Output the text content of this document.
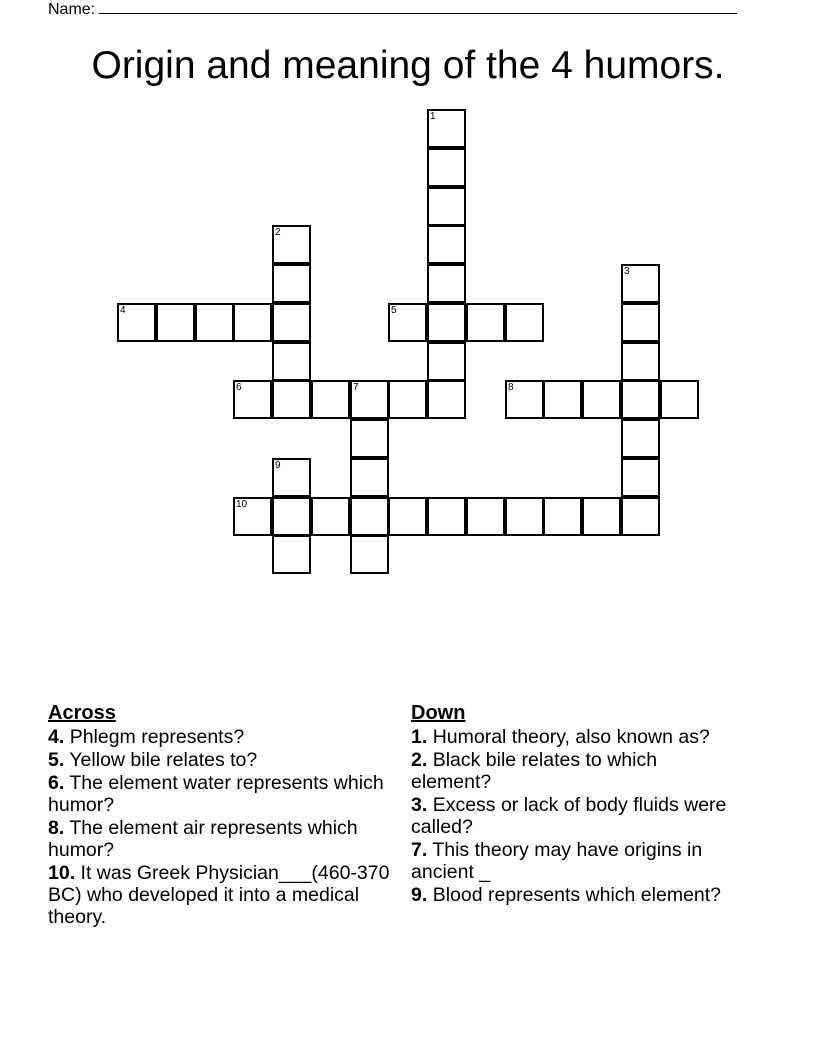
Name:
Origin and meaning of the 4 humors.
1
2
3
4	5
6	7	8
9
10
Across
4. Phlegm represents?
5. Yellow bile relates to?
6. The element water represents which humor?
8. The element air represents which humor?
10. It was Greek Physician___(460-370 BC) who developed it into a medical theory.
Down
1. Humoral theory, also known as?
2. Black bile relates to which element?
3. Excess or lack of body fluids were called?
7. This theory may have origins in ancient _
9. Blood represents which element?
